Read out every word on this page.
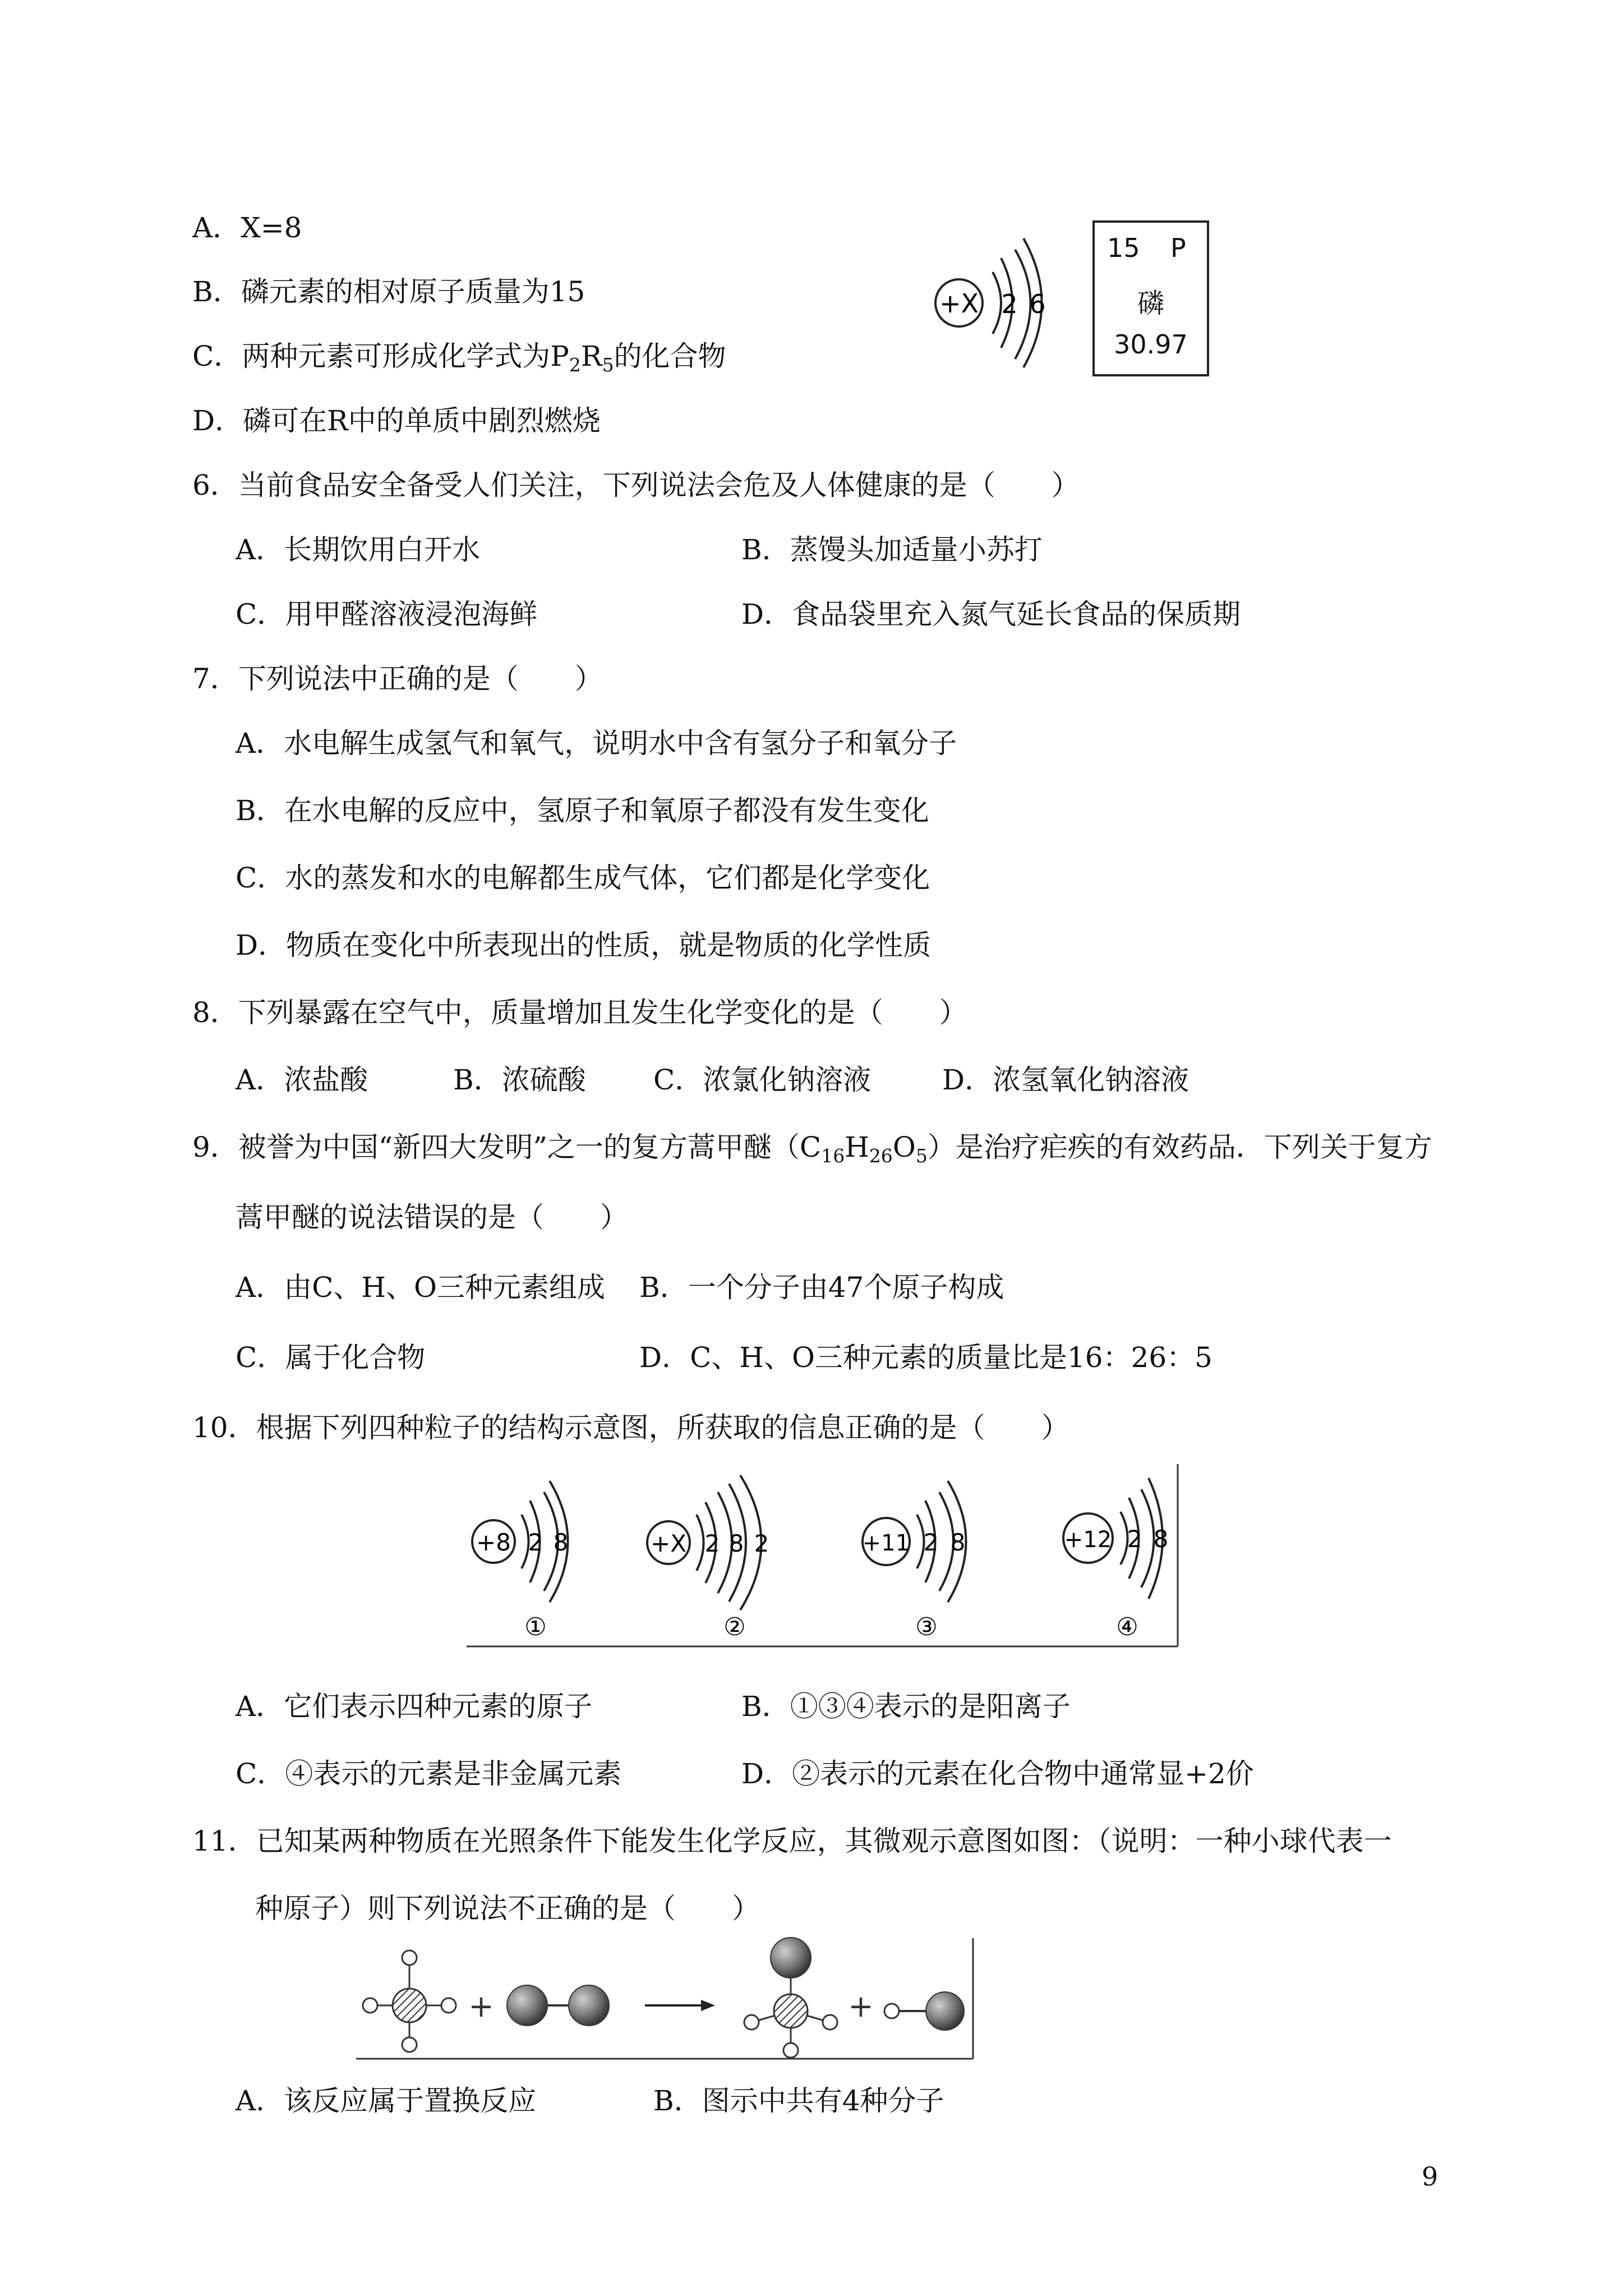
A．X=8
B．磷元素的相对原子质量为15
C．两种元素可形成化学式为$P_2R_5$的化合物
D．磷可在R中的单质中剧烈燃烧
+X 2 6
15 P
磷
30.97
6．当前食品安全备受人们关注，下列说法会危及人体健康的是（　　）
A．长期饮用白开水	B．蒸馒头加适量小苏打
C．用甲醛溶液浸泡海鲜	D．食品袋里充入氮气延长食品的保质期
7．下列说法中正确的是（　　）
A．水电解生成氢气和氧气，说明水中含有氢分子和氧分子
B．在水电解的反应中，氢原子和氧原子都没有发生变化
C．水的蒸发和水的电解都生成气体，它们都是化学变化
D．物质在变化中所表现出的性质，就是物质的化学性质
8．下列暴露在空气中，质量增加且发生化学变化的是（　　）
A．浓盐酸	B．浓硫酸 C．浓氯化钠溶液	D．浓氢氧化钠溶液
9．被誉为中国“新四大发明”之一的复方蒿甲醚$(C_{16}H_{26}O_5)$是治疗疟疾的有效药品．下列关于复方
蒿甲醚的说法错误的是（　　）
A．由C、H、O三种元素组成 B．一个分子由47个原子构成
C．属于化合物	D．C、H、O三种元素的质量比是16：26：5
10．根据下列四种粒子的结构示意图，所获取的信息正确的是（　　）
+8 2 8
①
+X 2 8 2
②
+11 2 8
③
+12 2 8
④
A．它们表示四种元素的原子	B．①③④表示的是阳离子
C．④表示的元素是非金属元素	D．②表示的元素在化合物中通常显+2价
11．已知某两种物质在光照条件下能发生化学反应，其微观示意图如图：（说明：一种小球代表一
种原子）则下列说法不正确的是（　　）
+	+
A．该反应属于置换反应	B．图示中共有4种分子
9
